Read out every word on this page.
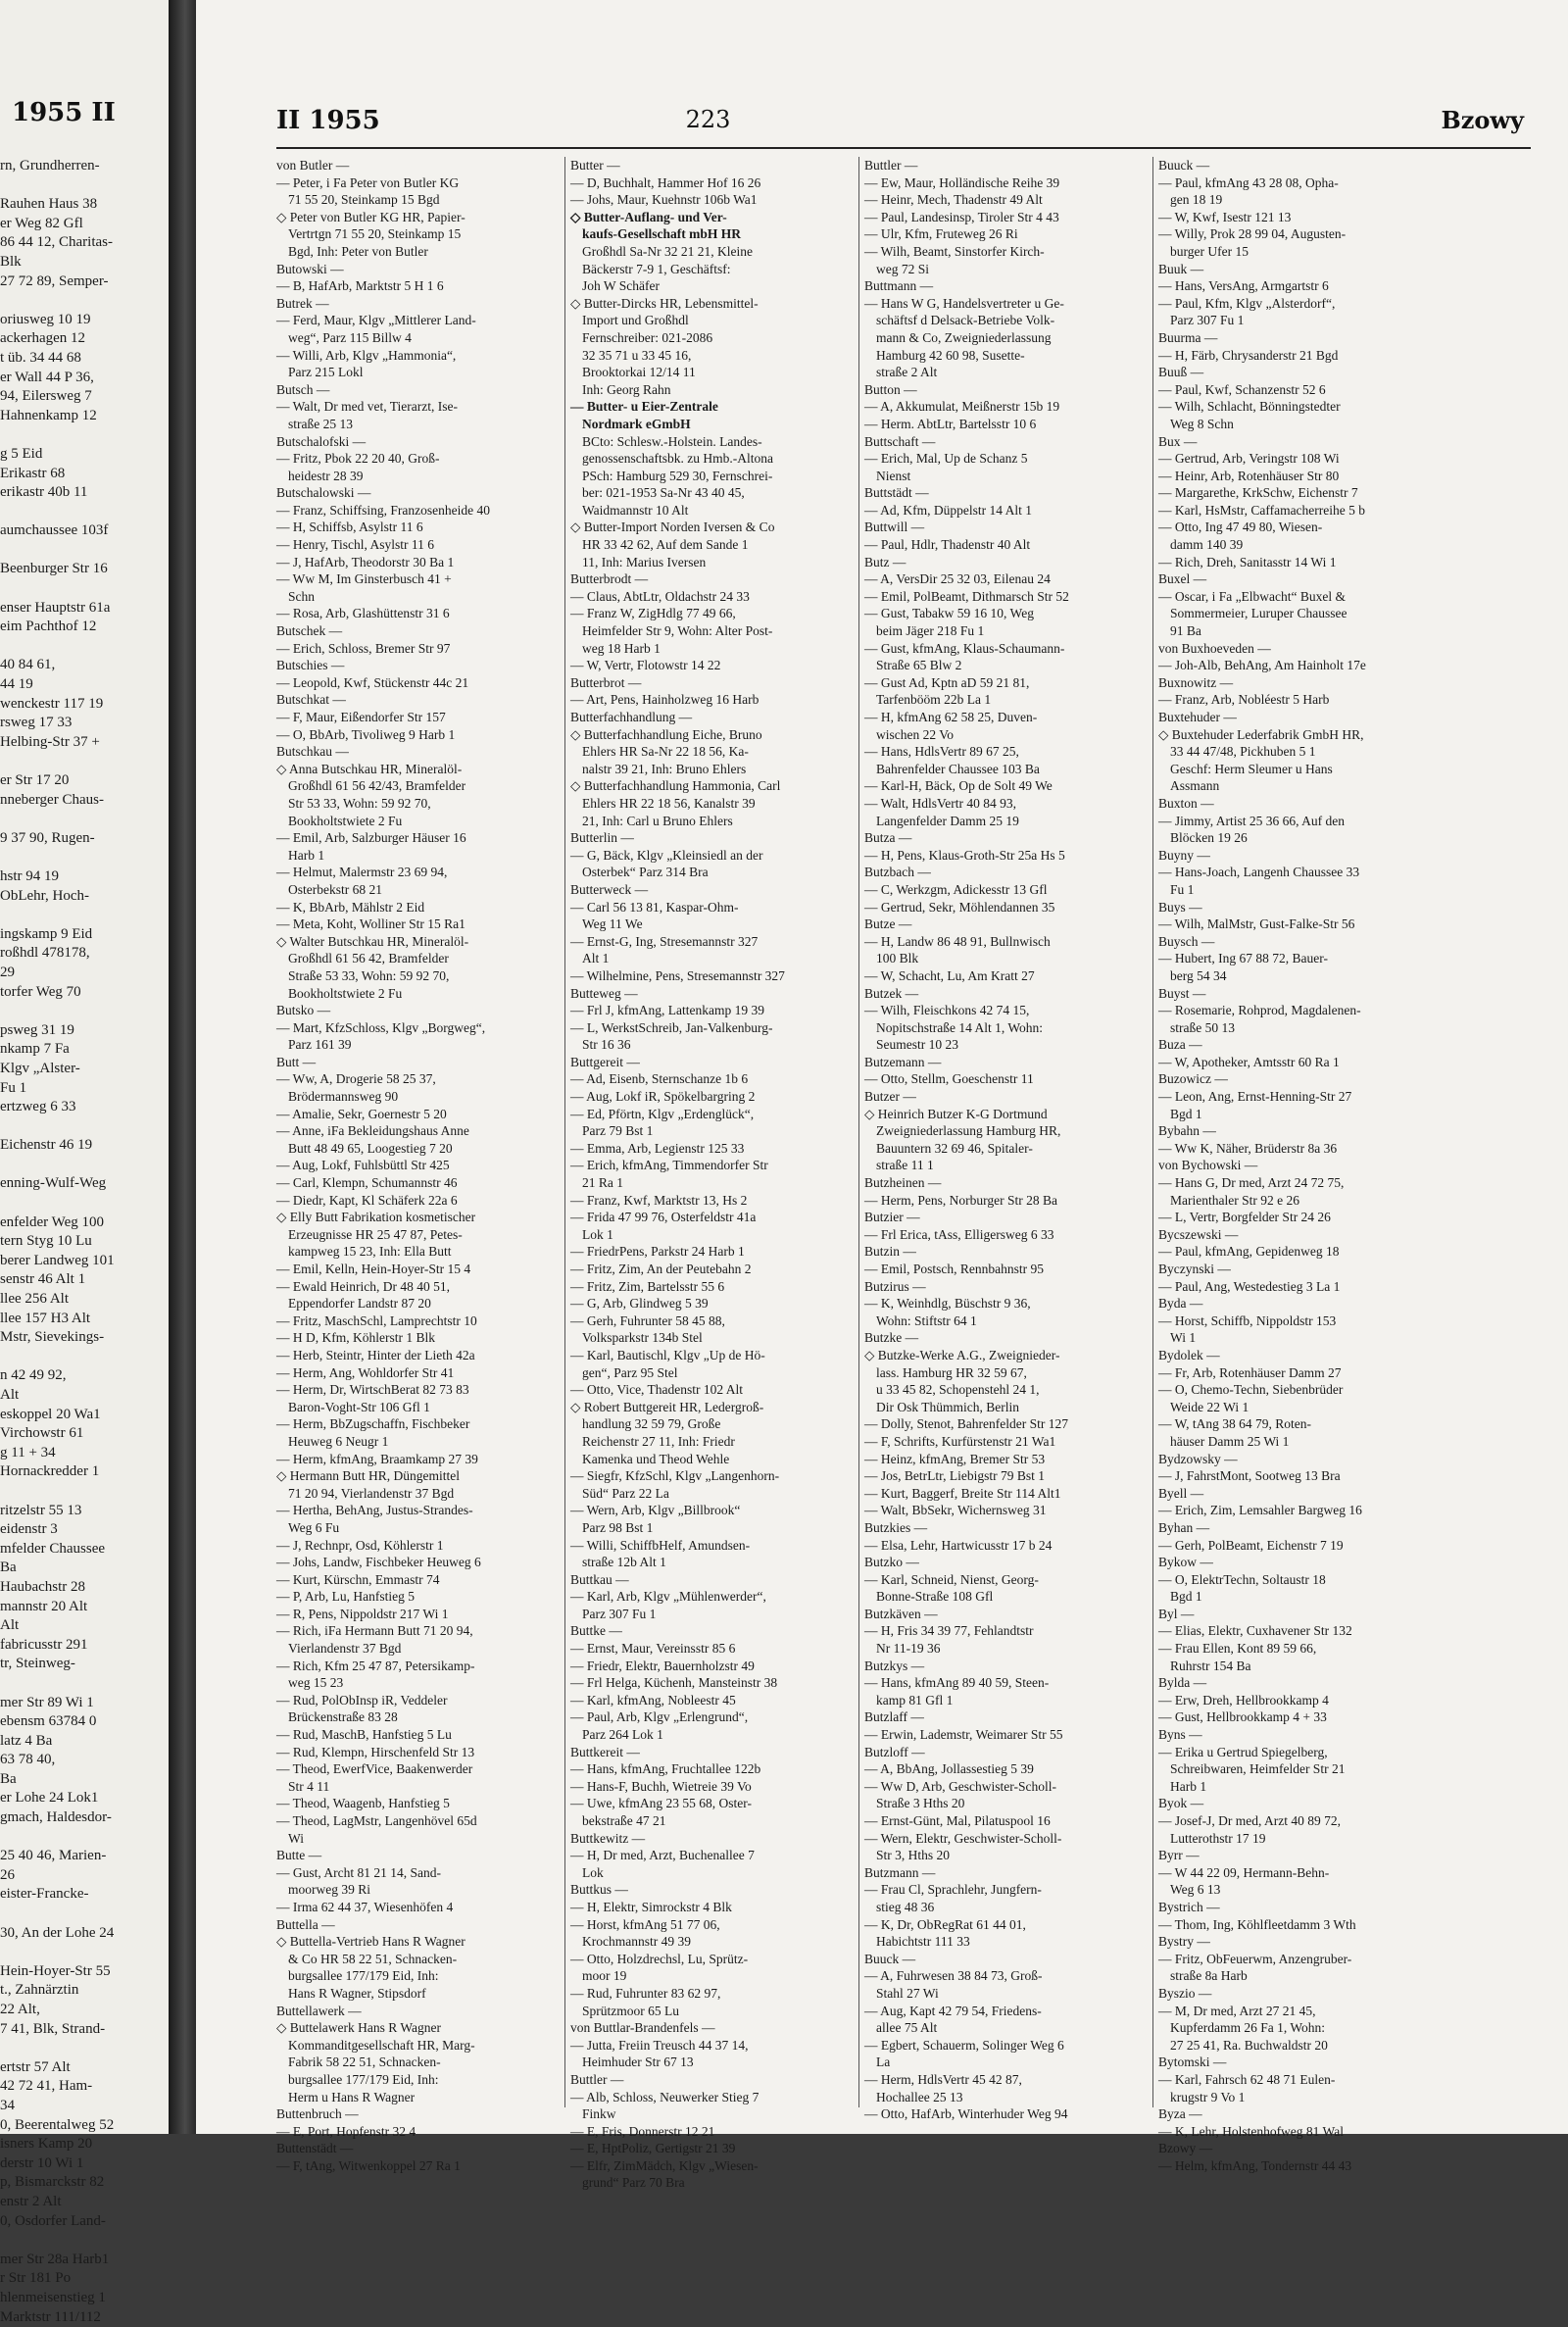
1955 II
rn, Grundherren-

Rauhen Haus 38
er Weg 82 Gfl
86 44 12, Charitas-
Blk
27 72 89, Semper-

oriusweg 10 19
ackerhagen 12
t üb. 34 44 68
er Wall 44 P 36,
94, Eilersweg 7
Hahnenkamp 12

g 5 Eid
Erikastr 68
erikastr 40b 11

aumchaussee 103f

Beenburger Str 16

enser Hauptstr 61a
eim Pachthof 12

40 84 61,
44 19
wenckestr 117 19
rsweg 17 33
Helbing-Str 37 +

er Str 17 20
nneberger Chaus-

9 37 90, Rugen-

hstr 94 19
ObLehr, Hoch-

ingskamp 9 Eid
roßhdl 478178,
29
torfer Weg 70

psweg 31 19
nkamp 7 Fa
Klgv „Alster-
Fu 1
ertzweg 6 33

Eichenstr 46 19

enning-Wulf-Weg

enfelder Weg 100
tern Styg 10 Lu
berer Landweg 101
senstr 46 Alt 1
llee 256 Alt
llee 157 H3 Alt
Mstr, Sievekings-

n 42 49 92,
Alt
eskoppel 20 Wa1
Virchowstr 61
g 11 + 34
Hornackredder 1

ritzelstr 55 13
eidenstr 3
mfelder Chaussee
Ba
Haubachstr 28
mannstr 20 Alt
Alt
fabricusstr 291
tr, Steinweg-

mer Str 89 Wi 1
ebensm 63784 0
latz 4 Ba
63 78 40,
Ba
er Lohe 24 Lok1
gmach, Haldesdor-

25 40 46, Marien-
26
eister-Francke-

30, An der Lohe 24

Hein-Hoyer-Str 55
t., Zahnärztin
22 Alt,
7 41, Blk, Strand-

ertstr 57 Alt
42 72 41, Ham-
34
0, Beerentalweg 52
isners Kamp 20
derstr 10 Wi 1
p, Bismarckstr 82
enstr 2 Alt
0, Osdorfer Land-

mer Str 28a Harb1
r Str 181 Po
hlenmeisenstieg 1
Marktstr 111/112
II 1955	223	Bzowy

von Butler —

— Peter, i Fa Peter von Butler KG

71 55 20, Steinkamp 15 Bgd

◇ Peter von Butler KG HR, Papier-

Vertrtgn 71 55 20, Steinkamp 15

Bgd, Inh: Peter von Butler

Butowski —

— B, HafArb, Marktstr 5 H 1 6

Butrek —

— Ferd, Maur, Klgv „Mittlerer Land-

weg“, Parz 115 Billw 4

— Willi, Arb, Klgv „Hammonia“,

Parz 215 Lokl

Butsch —

— Walt, Dr med vet, Tierarzt, Ise-

straße 25 13

Butschalofski —

— Fritz, Pbok 22 20 40, Groß-

heidestr 28 39

Butschalowski —

— Franz, Schiffsing, Franzosenheide 40

— H, Schiffsb, Asylstr 11 6

— Henry, Tischl, Asylstr 11 6

— J, HafArb, Theodorstr 30 Ba 1

— Ww M, Im Ginsterbusch 41 +

Schn

— Rosa, Arb, Glashüttenstr 31 6

Butschek —

— Erich, Schloss, Bremer Str 97

Butschies —

— Leopold, Kwf, Stückenstr 44c 21

Butschkat —

— F, Maur, Eißendorfer Str 157

— O, BbArb, Tivoliweg 9 Harb 1

Butschkau —

◇ Anna Butschkau HR, Mineralöl-

Großhdl 61 56 42/43, Bramfelder

Str 53 33, Wohn: 59 92 70,

Bookholtstwiete 2 Fu

— Emil, Arb, Salzburger Häuser 16

Harb 1

— Helmut, Malermstr 23 69 94,

Osterbekstr 68 21

— K, BbArb, Mählstr 2 Eid

— Meta, Koht, Wolliner Str 15 Ra1

◇ Walter Butschkau HR, Mineralöl-

Großhdl 61 56 42, Bramfelder

Straße 53 33, Wohn: 59 92 70,

Bookholtstwiete 2 Fu

Butsko —

— Mart, KfzSchloss, Klgv „Borgweg“,

Parz 161 39

Butt —

— Ww, A, Drogerie 58 25 37,

Brödermannsweg 90

— Amalie, Sekr, Goernestr 5 20

— Anne, iFa Bekleidungshaus Anne

Butt 48 49 65, Loogestieg 7 20

— Aug, Lokf, Fuhlsbüttl Str 425

— Carl, Klempn, Schumannstr 46

— Diedr, Kapt, Kl Schäferk 22a 6

◇ Elly Butt Fabrikation kosmetischer

Erzeugnisse HR 25 47 87, Petes-

kampweg 15 23, Inh: Ella Butt

— Emil, Kelln, Hein-Hoyer-Str 15 4

— Ewald Heinrich, Dr 48 40 51,

Eppendorfer Landstr 87 20

— Fritz, MaschSchl, Lamprechtstr 10

— H D, Kfm, Köhlerstr 1 Blk

— Herb, Steintr, Hinter der Lieth 42a

— Herm, Ang, Wohldorfer Str 41

— Herm, Dr, WirtschBerat 82 73 83

Baron-Voght-Str 106 Gfl 1

— Herm, BbZugschaffn, Fischbeker

Heuweg 6 Neugr 1

— Herm, kfmAng, Braamkamp 27 39

◇ Hermann Butt HR, Düngemittel

71 20 94, Vierlandenstr 37 Bgd

— Hertha, BehAng, Justus-Strandes-

Weg 6 Fu

— J, Rechnpr, Osd, Köhlerstr 1

— Johs, Landw, Fischbeker Heuweg 6

— Kurt, Kürschn, Emmastr 74

— P, Arb, Lu, Hanfstieg 5

— R, Pens, Nippoldstr 217 Wi 1

— Rich, iFa Hermann Butt 71 20 94,

Vierlandenstr 37 Bgd

— Rich, Kfm 25 47 87, Petersikamp-

weg 15 23

— Rud, PolObInsp iR, Veddeler

Brückenstraße 83 28

— Rud, MaschB, Hanfstieg 5 Lu

— Rud, Klempn, Hirschenfeld Str 13

— Theod, EwerfVice, Baakenwerder

Str 4 11

— Theod, Waagenb, Hanfstieg 5

— Theod, LagMstr, Langenhövel 65d

Wi

Butte —

— Gust, Archt 81 21 14, Sand-

moorweg 39 Ri

— Irma 62 44 37, Wiesenhöfen 4

Buttella —

◇ Buttella-Vertrieb Hans R Wagner

& Co HR 58 22 51, Schnacken-

burgsallee 177/179 Eid, Inh:

Hans R Wagner, Stipsdorf

Buttellawerk —

◇ Buttelawerk Hans R Wagner

Kommanditgesellschaft HR, Marg-

Fabrik 58 22 51, Schnacken-

burgsallee 177/179 Eid, Inh:

Herm u Hans R Wagner

Buttenbruch —

— E, Port, Hopfenstr 32 4

Buttenstädt —

— F, tAng, Witwenkoppel 27 Ra 1

Butter —

— D, Buchhalt, Hammer Hof 16 26

— Johs, Maur, Kuehnstr 106b Wa1

◇ Butter-Auflang- und Ver-

kaufs-Gesellschaft mbH HR

Großhdl Sa-Nr 32 21 21, Kleine

Bäckerstr 7-9 1, Geschäftsf:

Joh W Schäfer

◇ Butter-Dircks HR, Lebensmittel-

Import und Großhdl

Fernschreiber: 021-2086

32 35 71 u 33 45 16,

Brooktorkai 12/14 11

Inh: Georg Rahn

— Butter- u Eier-Zentrale

Nordmark eGmbH

BCto: Schlesw.-Holstein. Landes-

genossenschaftsbk. zu Hmb.-Altona

PSch: Hamburg 529 30, Fernschrei-

ber: 021-1953 Sa-Nr 43 40 45,

Waidmannstr 10 Alt

◇ Butter-Import Norden Iversen & Co

HR 33 42 62, Auf dem Sande 1

11, Inh: Marius Iversen

Butterbrodt —

— Claus, AbtLtr, Oldachstr 24 33

— Franz W, ZigHdlg 77 49 66,

Heimfelder Str 9, Wohn: Alter Post-

weg 18 Harb 1

— W, Vertr, Flotowstr 14 22

Butterbrot —

— Art, Pens, Hainholzweg 16 Harb

Butterfachhandlung —

◇ Butterfachhandlung Eiche, Bruno

Ehlers HR Sa-Nr 22 18 56, Ka-

nalstr 39 21, Inh: Bruno Ehlers

◇ Butterfachhandlung Hammonia, Carl

Ehlers HR 22 18 56, Kanalstr 39

21, Inh: Carl u Bruno Ehlers

Butterlin —

— G, Bäck, Klgv „Kleinsiedl an der

Osterbek“ Parz 314 Bra

Butterweck —

— Carl 56 13 81, Kaspar-Ohm-

Weg 11 We

— Ernst-G, Ing, Stresemannstr 327

Alt 1

— Wilhelmine, Pens, Stresemannstr 327

Butteweg —

— Frl J, kfmAng, Lattenkamp 19 39

— L, WerkstSchreib, Jan-Valkenburg-

Str 16 36

Buttgereit —

— Ad, Eisenb, Sternschanze 1b 6

— Aug, Lokf iR, Spökelbargring 2

— Ed, Pförtn, Klgv „Erdenglück“,

Parz 79 Bst 1

— Emma, Arb, Legienstr 125 33

— Erich, kfmAng, Timmendorfer Str

21 Ra 1

— Franz, Kwf, Marktstr 13, Hs 2

— Frida 47 99 76, Osterfeldstr 41a

Lok 1

— FriedrPens, Parkstr 24 Harb 1

— Fritz, Zim, An der Peutebahn 2

— Fritz, Zim, Bartelsstr 55 6

— G, Arb, Glindweg 5 39

— Gerh, Fuhrunter 58 45 88,

Volksparkstr 134b Stel

— Karl, Bautischl, Klgv „Up de Hö-

gen“, Parz 95 Stel

— Otto, Vice, Thadenstr 102 Alt

◇ Robert Buttgereit HR, Ledergroß-

handlung 32 59 79, Große

Reichenstr 27 11, Inh: Friedr

Kamenka und Theod Wehle

— Siegfr, KfzSchl, Klgv „Langenhorn-

Süd“ Parz 22 La

— Wern, Arb, Klgv „Billbrook“

Parz 98 Bst 1

— Willi, SchiffbHelf, Amundsen-

straße 12b Alt 1

Buttkau —

— Karl, Arb, Klgv „Mühlenwerder“,

Parz 307 Fu 1

Buttke —

— Ernst, Maur, Vereinsstr 85 6

— Friedr, Elektr, Bauernholzstr 49

— Frl Helga, Küchenh, Mansteinstr 38

— Karl, kfmAng, Nobleestr 45

— Paul, Arb, Klgv „Erlengrund“,

Parz 264 Lok 1

Buttkereit —

— Hans, kfmAng, Fruchtallee 122b

— Hans-F, Buchh, Wietreie 39 Vo

— Uwe, kfmAng 23 55 68, Oster-

bekstraße 47 21

Buttkewitz —

— H, Dr med, Arzt, Buchenallee 7

Lok

Buttkus —

— H, Elektr, Simrockstr 4 Blk

— Horst, kfmAng 51 77 06,

Krochmannstr 49 39

— Otto, Holzdrechsl, Lu, Sprütz-

moor 19

— Rud, Fuhrunter 83 62 97,

Sprützmoor 65 Lu

von Buttlar-Brandenfels —

— Jutta, Freiin Treusch 44 37 14,

Heimhuder Str 67 13

Buttler —

— Alb, Schloss, Neuwerker Stieg 7

Finkw

— E, Fris, Donnerstr 12 21

— E, HptPoliz, Gertigstr 21 39

— Elfr, ZimMädch, Klgv „Wiesen-

grund“ Parz 70 Bra

Buttler —

— Ew, Maur, Holländische Reihe 39

— Heinr, Mech, Thadenstr 49 Alt

— Paul, Landesinsp, Tiroler Str 4 43

— Ulr, Kfm, Fruteweg 26 Ri

— Wilh, Beamt, Sinstorfer Kirch-

weg 72 Si

Buttmann —

— Hans W G, Handelsvertreter u Ge-

schäftsf d Delsack-Betriebe Volk-

mann & Co, Zweigniederlassung

Hamburg 42 60 98, Susette-

straße 2 Alt

Button —

— A, Akkumulat, Meißnerstr 15b 19

— Herm. AbtLtr, Bartelsstr 10 6

Buttschaft —

— Erich, Mal, Up de Schanz 5

Nienst

Buttstädt —

— Ad, Kfm, Düppelstr 14 Alt 1

Buttwill —

— Paul, Hdlr, Thadenstr 40 Alt

Butz —

— A, VersDir 25 32 03, Eilenau 24

— Emil, PolBeamt, Dithmarsch Str 52

— Gust, Tabakw 59 16 10, Weg

beim Jäger 218 Fu 1

— Gust, kfmAng, Klaus-Schaumann-

Straße 65 Blw 2

— Gust Ad, Kptn aD 59 21 81,

Tarfenbööm 22b La 1

— H, kfmAng 62 58 25, Duven-

wischen 22 Vo

— Hans, HdlsVertr 89 67 25,

Bahrenfelder Chaussee 103 Ba

— Karl-H, Bäck, Op de Solt 49 We

— Walt, HdlsVertr 40 84 93,

Langenfelder Damm 25 19

Butza —

— H, Pens, Klaus-Groth-Str 25a Hs 5

Butzbach —

— C, Werkzgm, Adickesstr 13 Gfl

— Gertrud, Sekr, Möhlendannen 35

Butze —

— H, Landw 86 48 91, Bullnwisch

100 Blk

— W, Schacht, Lu, Am Kratt 27

Butzek —

— Wilh, Fleischkons 42 74 15,

Nopitschstraße 14 Alt 1, Wohn:

Seumestr 10 23

Butzemann —

— Otto, Stellm, Goeschenstr 11

Butzer —

◇ Heinrich Butzer K-G Dortmund

Zweigniederlassung Hamburg HR,

Bauuntern 32 69 46, Spitaler-

straße 11 1

Butzheinen —

— Herm, Pens, Norburger Str 28 Ba

Butzier —

— Frl Erica, tAss, Elligersweg 6 33

Butzin —

— Emil, Postsch, Rennbahnstr 95

Butzirus —

— K, Weinhdlg, Büschstr 9 36,

Wohn: Stiftstr 64 1

Butzke —

◇ Butzke-Werke A.G., Zweignieder-

lass. Hamburg HR 32 59 67,

u 33 45 82, Schopenstehl 24 1,

Dir Osk Thümmich, Berlin

— Dolly, Stenot, Bahrenfelder Str 127

— F, Schrifts, Kurfürstenstr 21 Wa1

— Heinz, kfmAng, Bremer Str 53

— Jos, BetrLtr, Liebigstr 79 Bst 1

— Kurt, Baggerf, Breite Str 114 Alt1

— Walt, BbSekr, Wichernsweg 31

Butzkies —

— Elsa, Lehr, Hartwicusstr 17 b 24

Butzko —

— Karl, Schneid, Nienst, Georg-

Bonne-Straße 108 Gfl

Butzkäven —

— H, Fris 34 39 77, Fehlandtstr

Nr 11-19 36

Butzkys —

— Hans, kfmAng 89 40 59, Steen-

kamp 81 Gfl 1

Butzlaff —

— Erwin, Lademstr, Weimarer Str 55

Butzloff —

— A, BbAng, Jollassestieg 5 39

— Ww D, Arb, Geschwister-Scholl-

Straße 3 Hths 20

— Ernst-Günt, Mal, Pilatuspool 16

— Wern, Elektr, Geschwister-Scholl-

Str 3, Hths 20

Butzmann —

— Frau Cl, Sprachlehr, Jungfern-

stieg 48 36

— K, Dr, ObRegRat 61 44 01,

Habichtstr 111 33

Buuck —

— A, Fuhrwesen 38 84 73, Groß-

Stahl 27 Wi

— Aug, Kapt 42 79 54, Friedens-

allee 75 Alt

— Egbert, Schauerm, Solinger Weg 6

La

— Herm, HdlsVertr 45 42 87,

Hochallee 25 13

— Otto, HafArb, Winterhuder Weg 94

Buuck —

— Paul, kfmAng 43 28 08, Opha-

gen 18 19

— W, Kwf, Isestr 121 13

— Willy, Prok 28 99 04, Augusten-

burger Ufer 15

Buuk —

— Hans, VersAng, Armgartstr 6

— Paul, Kfm, Klgv „Alsterdorf“,

Parz 307 Fu 1

Buurma —

— H, Färb, Chrysanderstr 21 Bgd

Buuß —

— Paul, Kwf, Schanzenstr 52 6

— Wilh, Schlacht, Bönningstedter

Weg 8 Schn

Bux —

— Gertrud, Arb, Veringstr 108 Wi

— Heinr, Arb, Rotenhäuser Str 80

— Margarethe, KrkSchw, Eichenstr 7

— Karl, HsMstr, Caffamacherreihe 5 b

— Otto, Ing 47 49 80, Wiesen-

damm 140 39

— Rich, Dreh, Sanitasstr 14 Wi 1

Buxel —

— Oscar, i Fa „Elbwacht“ Buxel &

Sommermeier, Luruper Chaussee

91 Ba

von Buxhoeveden —

— Joh-Alb, BehAng, Am Hainholt 17e

Buxnowitz —

— Franz, Arb, Nobléestr 5 Harb

Buxtehuder —

◇ Buxtehuder Lederfabrik GmbH HR,

33 44 47/48, Pickhuben 5 1

Geschf: Herm Sleumer u Hans

Assmann

Buxton —

— Jimmy, Artist 25 36 66, Auf den

Blöcken 19 26

Buyny —

— Hans-Joach, Langenh Chaussee 33

Fu 1

Buys —

— Wilh, MalMstr, Gust-Falke-Str 56

Buysch —

— Hubert, Ing 67 88 72, Bauer-

berg 54 34

Buyst —

— Rosemarie, Rohprod, Magdalenen-

straße 50 13

Buza —

— W, Apotheker, Amtsstr 60 Ra 1

Buzowicz —

— Leon, Ang, Ernst-Henning-Str 27

Bgd 1

Bybahn —

— Ww K, Näher, Brüderstr 8a 36

von Bychowski —

— Hans G, Dr med, Arzt 24 72 75,

Marienthaler Str 92 e 26

— L, Vertr, Borgfelder Str 24 26

Bycszewski —

— Paul, kfmAng, Gepidenweg 18

Byczynski —

— Paul, Ang, Westedestieg 3 La 1

Byda —

— Horst, Schiffb, Nippoldstr 153

Wi 1

Bydolek —

— Fr, Arb, Rotenhäuser Damm 27

— O, Chemo-Techn, Siebenbrüder

Weide 22 Wi 1

— W, tAng 38 64 79, Roten-

häuser Damm 25 Wi 1

Bydzowsky —

— J, FahrstMont, Sootweg 13 Bra

Byell —

— Erich, Zim, Lemsahler Bargweg 16

Byhan —

— Gerh, PolBeamt, Eichenstr 7 19

Bykow —

— O, ElektrTechn, Soltaustr 18

Bgd 1

Byl —

— Elias, Elektr, Cuxhavener Str 132

— Frau Ellen, Kont 89 59 66,

Ruhrstr 154 Ba

Bylda —

— Erw, Dreh, Hellbrookkamp 4

— Gust, Hellbrookkamp 4 + 33

Byns —

— Erika u Gertrud Spiegelberg,

Schreibwaren, Heimfelder Str 21

Harb 1

Byok —

— Josef-J, Dr med, Arzt 40 89 72,

Lutterothstr 17 19

Byrr —

— W 44 22 09, Hermann-Behn-

Weg 6 13

Bystrich —

— Thom, Ing, Köhlfleetdamm 3 Wth

Bystry —

— Fritz, ObFeuerwm, Anzengruber-

straße 8a Harb

Byszio —

— M, Dr med, Arzt 27 21 45,

Kupferdamm 26 Fa 1, Wohn:

27 25 41, Ra. Buchwaldstr 20

Bytomski —

— Karl, Fahrsch 62 48 71 Eulen-

krugstr 9 Vo 1

Byza —

— K, Lehr, Holstenhofweg 81 Wal

Bzowy —

— Helm, kfmAng, Tondernstr 44 43
